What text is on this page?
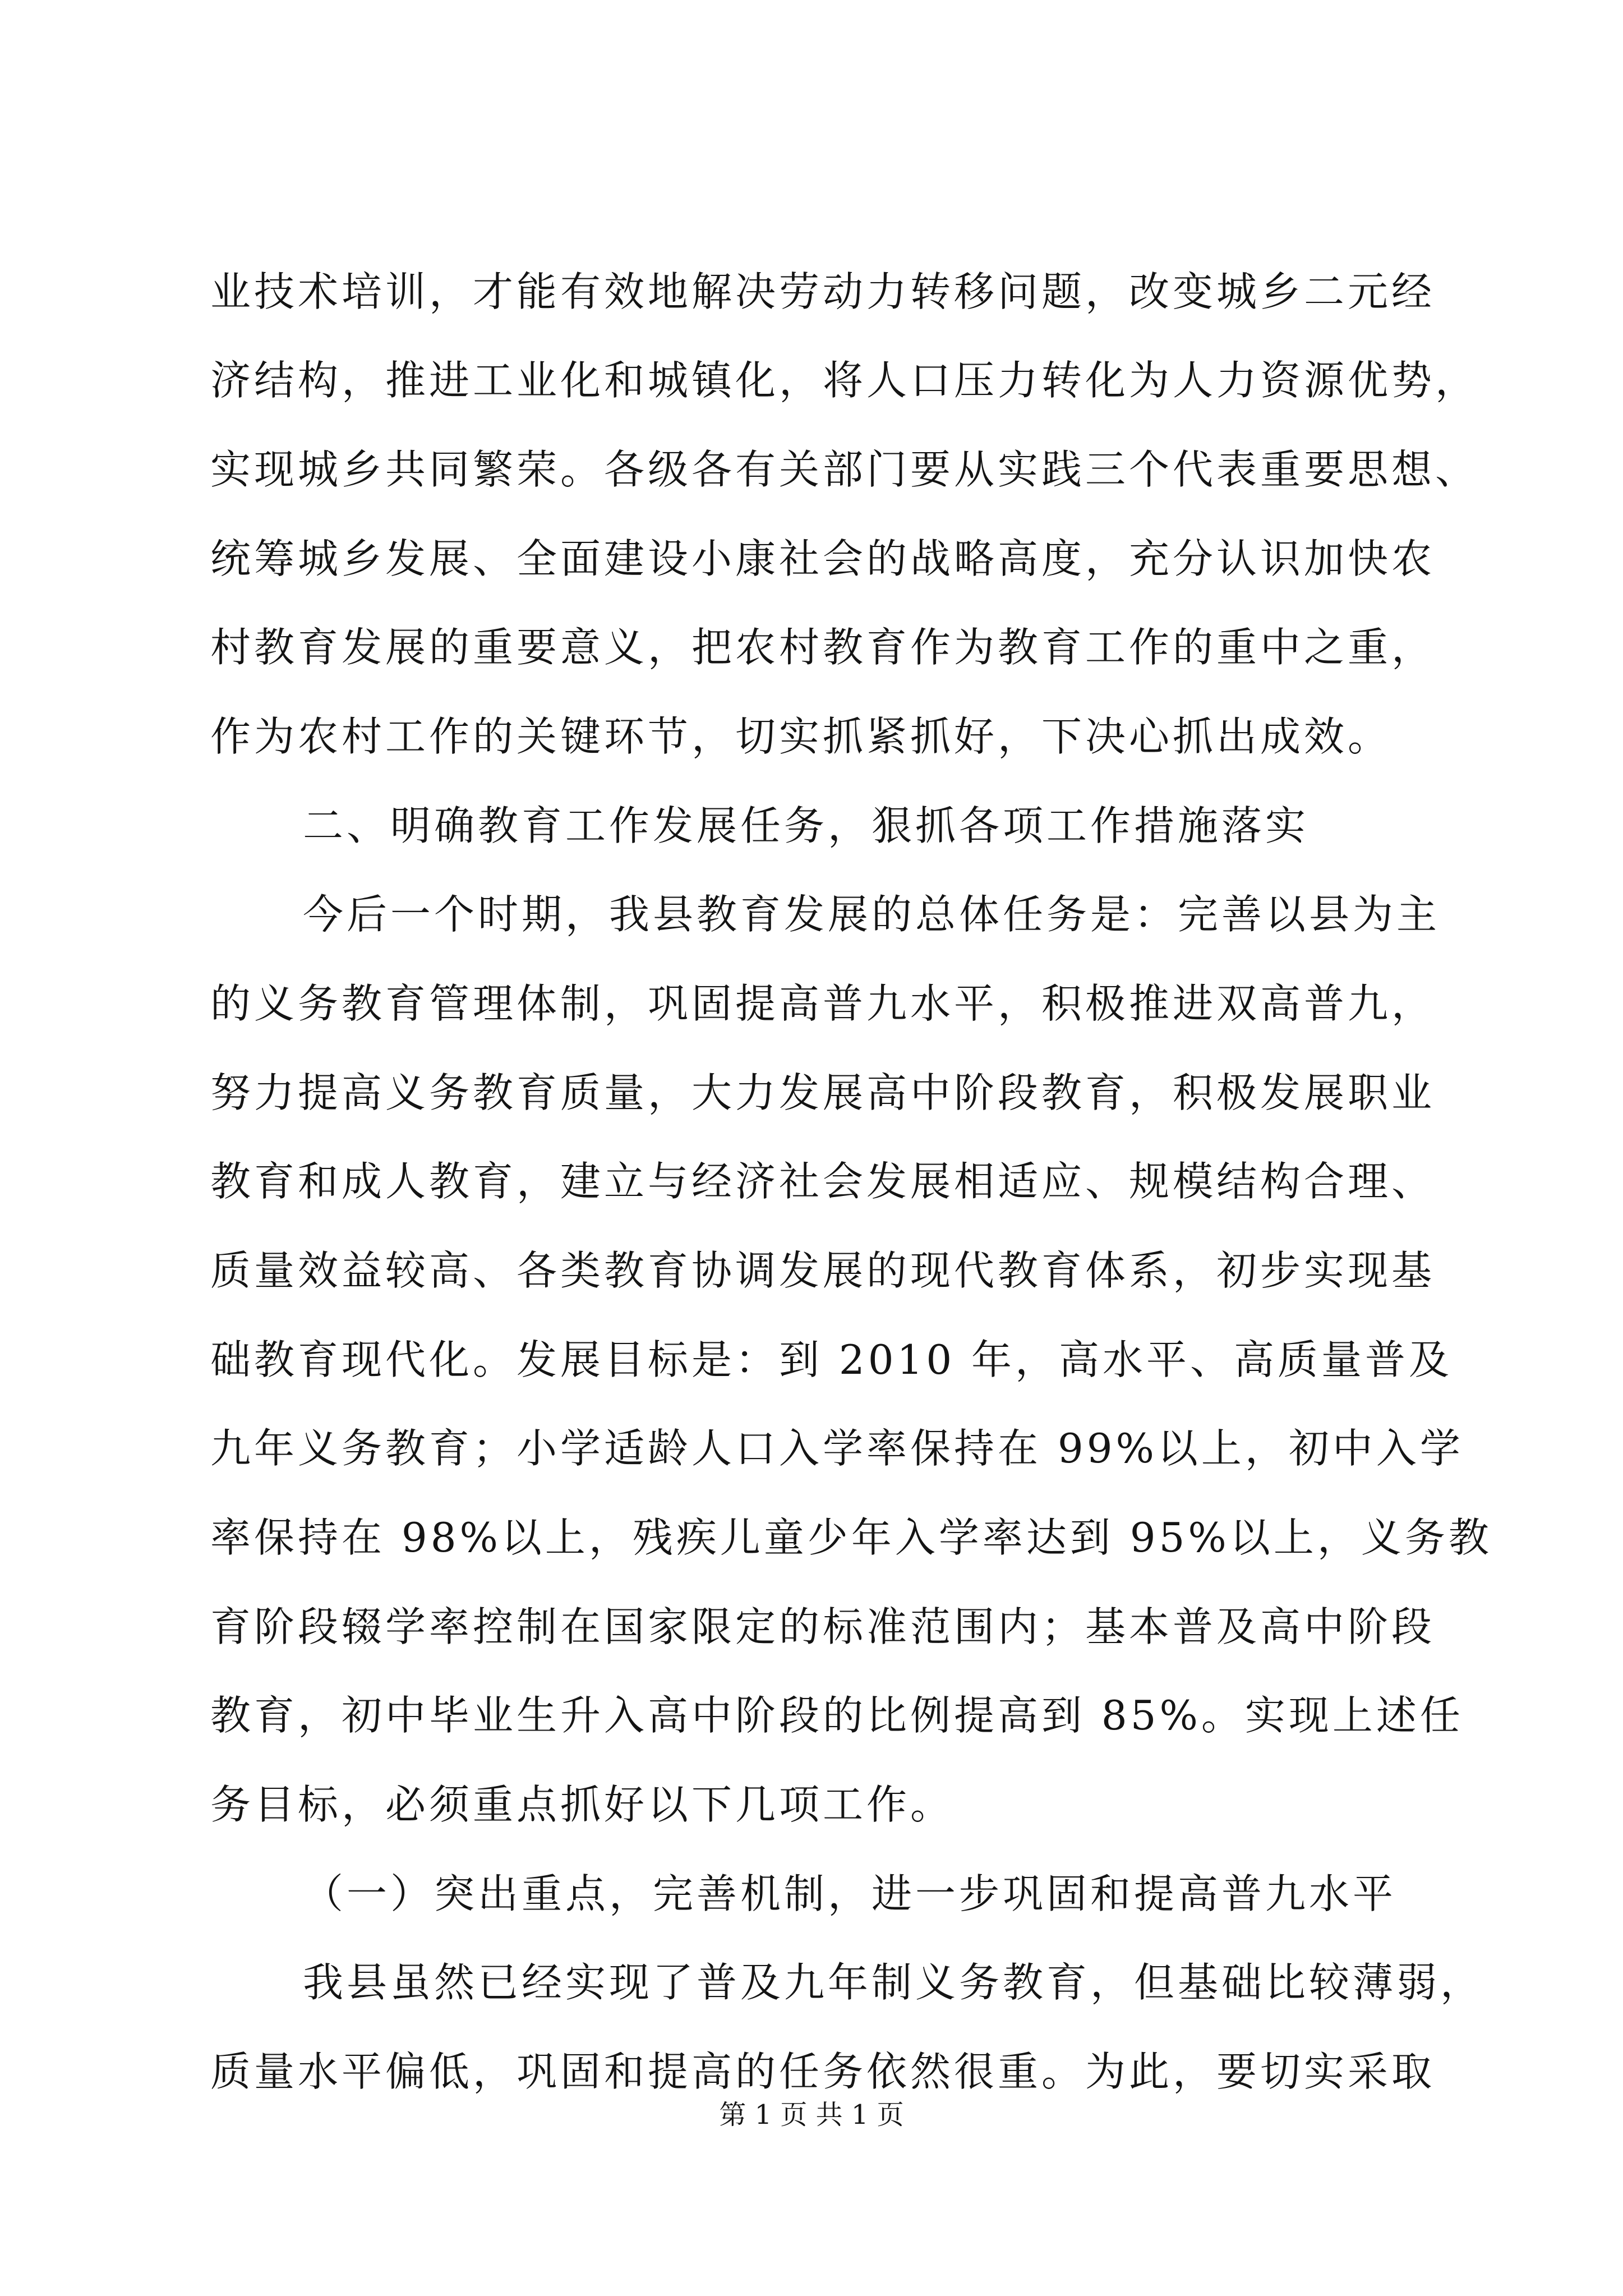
业技术培训，才能有效地解决劳动力转移问题，改变城乡二元经
济结构，推进工业化和城镇化，将人口压力转化为人力资源优势，
实现城乡共同繁荣。各级各有关部门要从实践三个代表重要思想、
统筹城乡发展、全面建设小康社会的战略高度，充分认识加快农
村教育发展的重要意义，把农村教育作为教育工作的重中之重，
作为农村工作的关键环节，切实抓紧抓好，下决心抓出成效。
二、明确教育工作发展任务，狠抓各项工作措施落实
今后一个时期，我县教育发展的总体任务是：完善以县为主
的义务教育管理体制，巩固提高普九水平，积极推进双高普九，
努力提高义务教育质量，大力发展高中阶段教育，积极发展职业
教育和成人教育，建立与经济社会发展相适应、规模结构合理、
质量效益较高、各类教育协调发展的现代教育体系，初步实现基
础教育现代化。发展目标是：到 2010 年，高水平、高质量普及
九年义务教育；小学适龄人口入学率保持在 99%以上，初中入学
率保持在 98%以上，残疾儿童少年入学率达到 95%以上，义务教
育阶段辍学率控制在国家限定的标准范围内；基本普及高中阶段
教育，初中毕业生升入高中阶段的比例提高到 85%。实现上述任
务目标，必须重点抓好以下几项工作。
（一）突出重点，完善机制，进一步巩固和提高普九水平
我县虽然已经实现了普及九年制义务教育，但基础比较薄弱，
质量水平偏低，巩固和提高的任务依然很重。为此，要切实采取
第 1 页 共 1 页
